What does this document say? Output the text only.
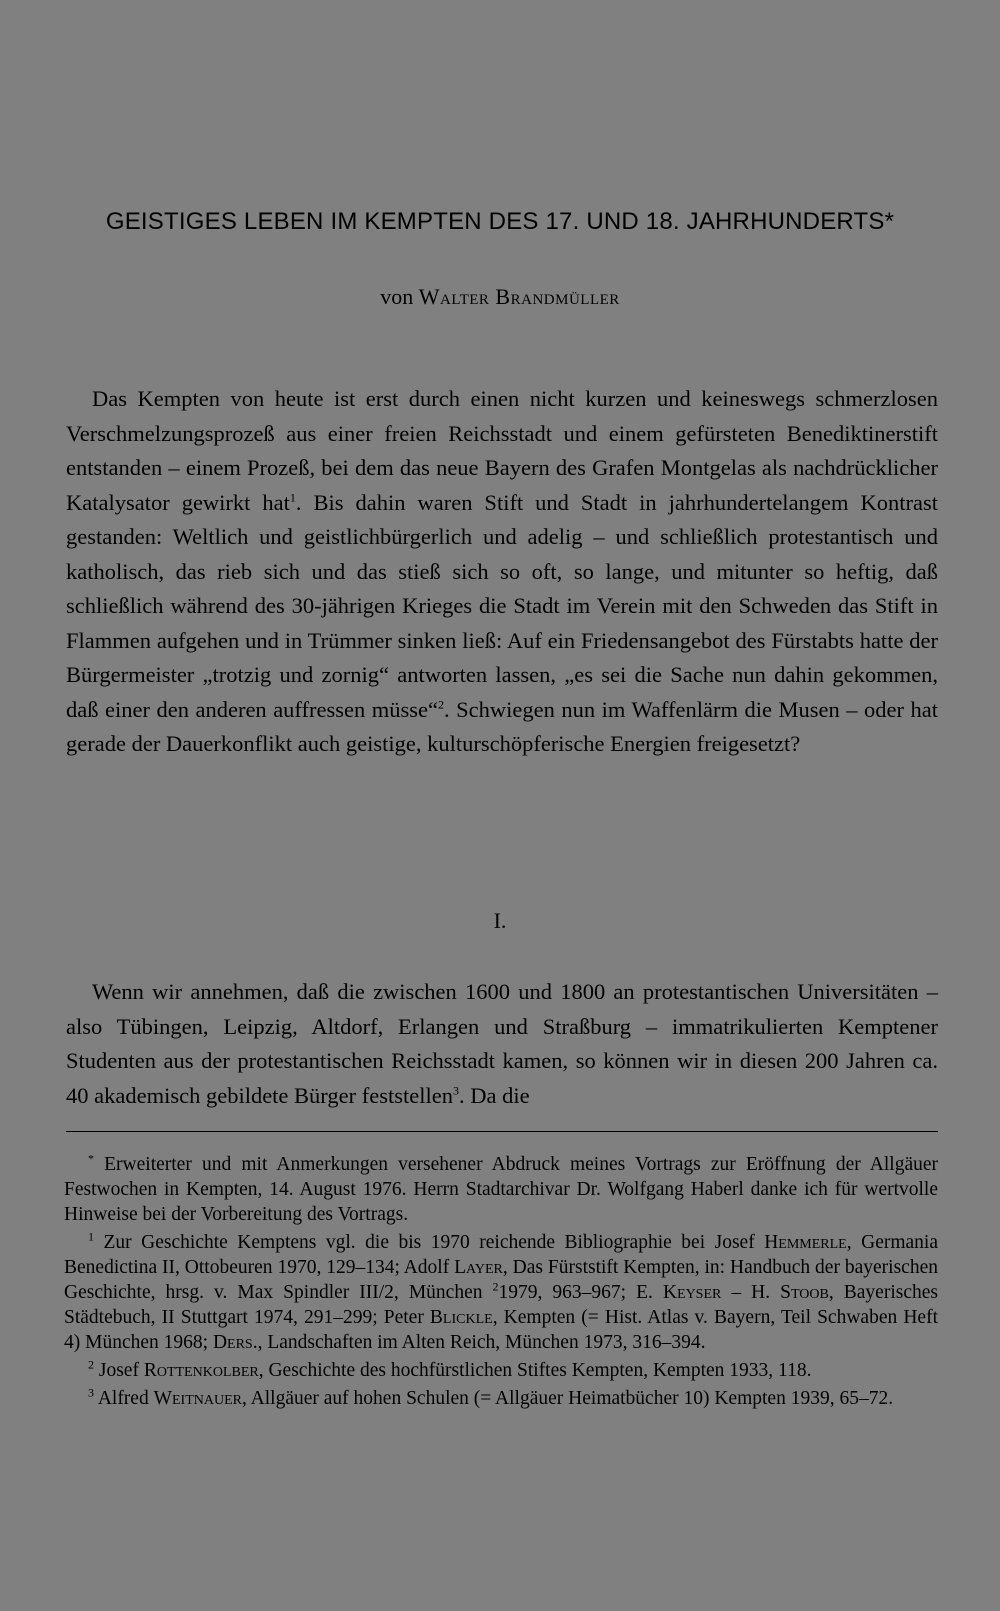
GEISTIGES LEBEN IM KEMPTEN DES 17. UND 18. JAHRHUNDERTS*
von Walter Brandmüller

Das Kempten von heute ist erst durch einen nicht kurzen und keineswegs schmerzlosen Verschmelzungsprozeß aus einer freien Reichsstadt und einem gefürsteten Benediktinerstift entstanden – einem Prozeß, bei dem das neue Bayern des Grafen Montgelas als nachdrücklicher Katalysator gewirkt hat$^1$. Bis dahin waren Stift und Stadt in jahrhundertelangem Kontrast gestanden: Weltlich und geistlichbürgerlich und adelig – und schließlich protestantisch und katholisch, das rieb sich und das stieß sich so oft, so lange, und mitunter so heftig, daß schließlich während des 30-jährigen Krieges die Stadt im Verein mit den Schweden das Stift in Flammen aufgehen und in Trümmer sinken ließ: Auf ein Friedensangebot des Fürstabts hatte der Bürgermeister „trotzig und zornig“ antworten lassen, „es sei die Sache nun dahin gekommen, daß einer den anderen auffressen müsse“$^2$. Schwiegen nun im Waffenlärm die Musen – oder hat gerade der Dauerkonflikt auch geistige, kulturschöpferische Energien freigesetzt?

I.

Wenn wir annehmen, daß die zwischen 1600 und 1800 an protestantischen Universitäten – also Tübingen, Leipzig, Altdorf, Erlangen und Straßburg – immatrikulierten Kemptener Studenten aus der protestantischen Reichsstadt kamen, so können wir in diesen 200 Jahren ca. 40 akademisch gebildete Bürger feststellen$^3$. Da die

* Erweiterter und mit Anmerkungen versehener Abdruck meines Vortrags zur Eröffnung der Allgäuer Festwochen in Kempten, 14. August 1976. Herrn Stadtarchivar Dr. Wolfgang Haberl danke ich für wertvolle Hinweise bei der Vorbereitung des Vortrags.

$^1$ Zur Geschichte Kemptens vgl. die bis 1970 reichende Bibliographie bei Josef Hemmerle, Germania Benedictina II, Ottobeuren 1970, 129–134; Adolf Layer, Das Fürststift Kempten, in: Handbuch der bayerischen Geschichte, hrsg. v. Max Spindler III/2, München $^2$1979, 963–967; E. Keyser – H. Stoob, Bayerisches Städtebuch, II Stuttgart 1974, 291–299; Peter Blickle, Kempten (= Hist. Atlas v. Bayern, Teil Schwaben Heft 4) München 1968; Ders., Landschaften im Alten Reich, München 1973, 316–394.

$^2$ Josef Rottenkolber, Geschichte des hochfürstlichen Stiftes Kempten, Kempten 1933, 118.

$^3$ Alfred Weitnauer, Allgäuer auf hohen Schulen (= Allgäuer Heimatbücher 10) Kempten 1939, 65–72.
